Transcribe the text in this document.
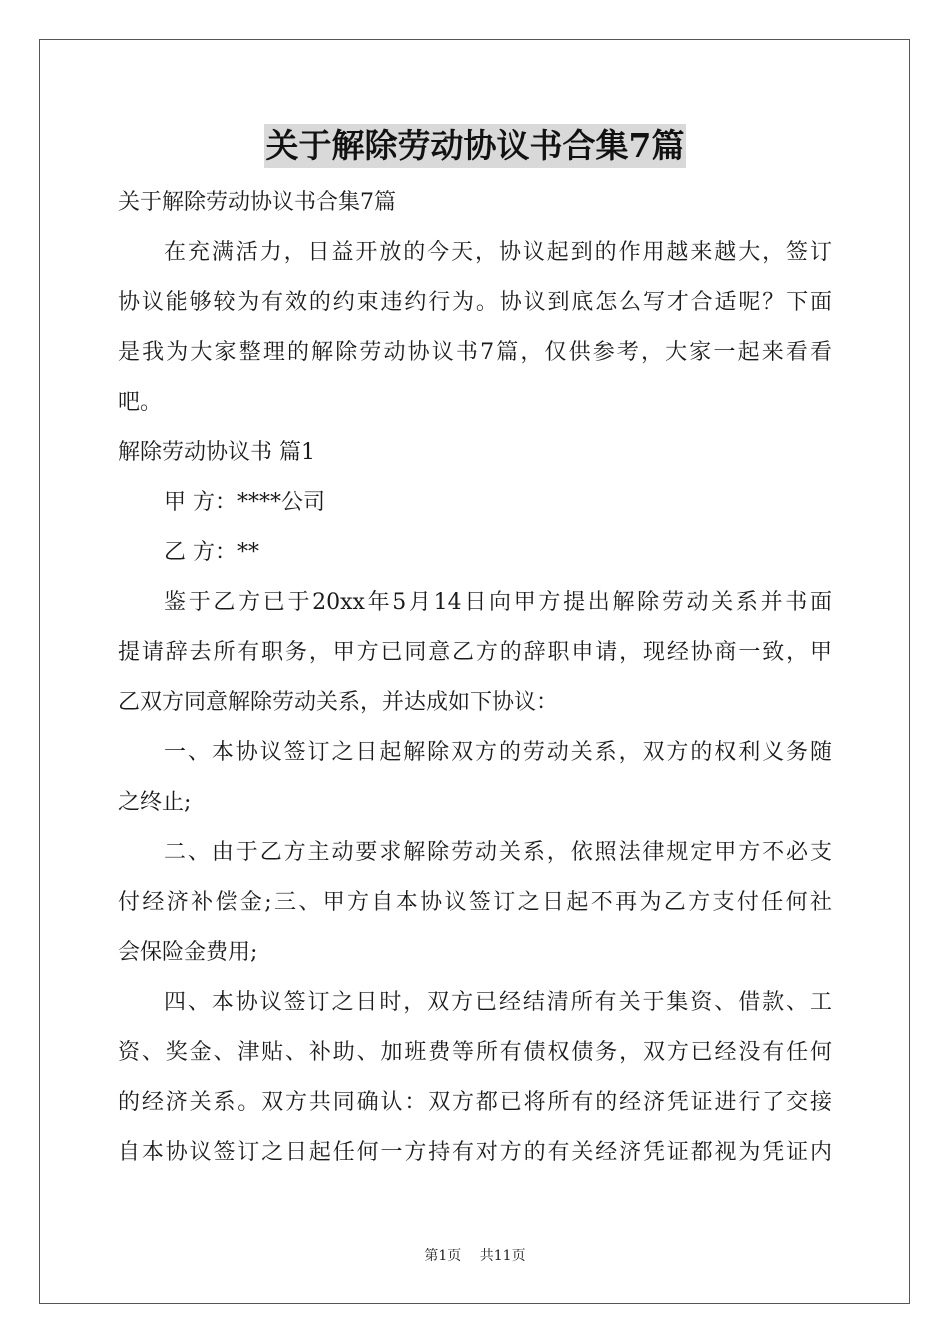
关于解除劳动协议书合集7篇
关于解除劳动协议书合集7篇
在充满活力，日益开放的今天，协议起到的作用越来越大，签订
协议能够较为有效的约束违约行为。协议到底怎么写才合适呢？下面
是我为大家整理的解除劳动协议书7篇，仅供参考，大家一起来看看
吧。
解除劳动协议书 篇1
甲 方：****公司
乙 方：**
鉴于乙方已于20xx年5月14日向甲方提出解除劳动关系并书面
提请辞去所有职务，甲方已同意乙方的辞职申请，现经协商一致，甲
乙双方同意解除劳动关系，并达成如下协议：
一、本协议签订之日起解除双方的劳动关系，双方的权利义务随
之终止;
二、由于乙方主动要求解除劳动关系，依照法律规定甲方不必支
付经济补偿金;三、甲方自本协议签订之日起不再为乙方支付任何社
会保险金费用;
四、本协议签订之日时，双方已经结清所有关于集资、借款、工
资、奖金、津贴、补助、加班费等所有债权债务，双方已经没有任何
的经济关系。双方共同确认：双方都已将所有的经济凭证进行了交接
自本协议签订之日起任何一方持有对方的有关经济凭证都视为凭证内
第1页 共11页
